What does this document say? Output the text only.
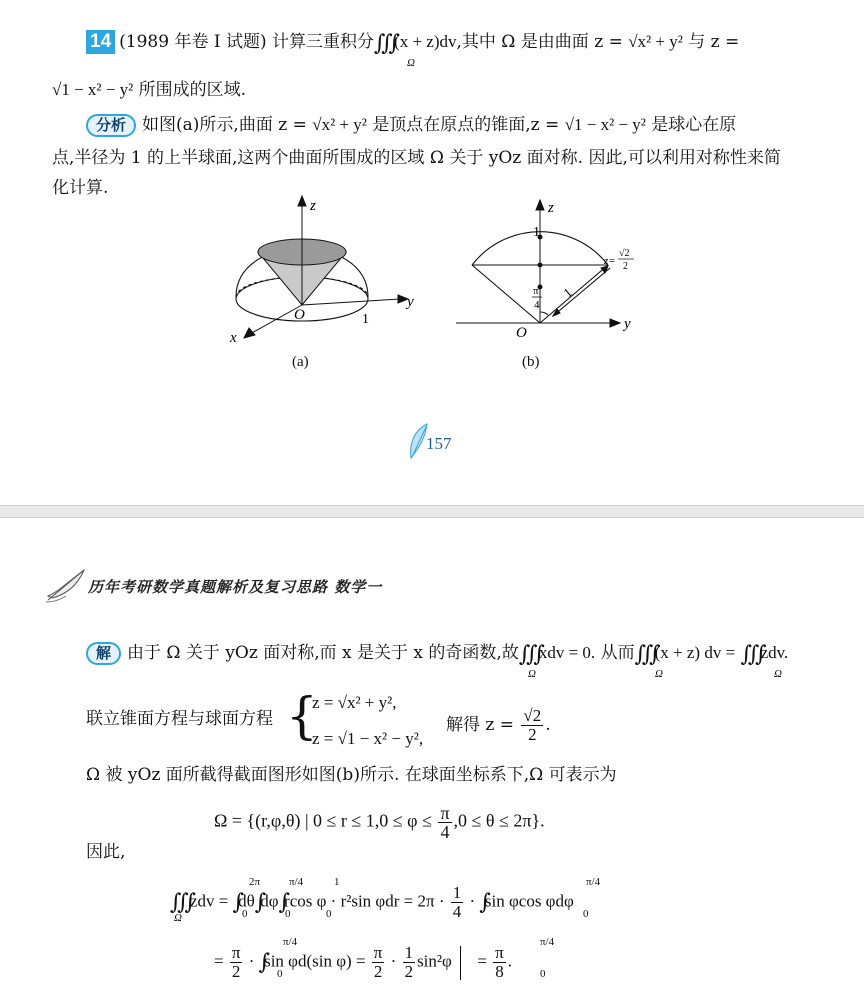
14 (1989 年卷 Ⅰ 试题) 计算三重积分∭(x + z)dv,其中 Ω 是由曲面 z = √x² + y² 与 z =
Ω
√1 − x² − y² 所围成的区域.
分析 如图(a)所示,曲面 z = √x² + y² 是顶点在原点的锥面,z = √1 − x² − y² 是球心在原
点,半径为 1 的上半球面,这两个曲面所围成的区域 Ω 关于 yOz 面对称. 因此,可以利用对称性来简
化计算.
z
y
x
O	1
(a)
z
y
O
1
π
4
1
z=
√2
2
(b)
157
历年考研数学真题解析及复习思路 数学一
解 由于 Ω 关于 yOz 面对称,而 x 是关于 x 的奇函数,故∭xdv = 0. 从而∭(x + z) dv = ∭zdv.
Ω	Ω	Ω
联立锥面方程与球面方程 {
z = √x² + y²,
z = √1 − x² − y²,
解得 $z = \frac{√2}{2}$ .
Ω 被 yOz 面所截得截面图形如图(b)所示. 在球面坐标系下,Ω 可表示为
Ω = {(r,φ,θ) | $0 \le r \le 1,0 \le \varphi \le \frac{\pi}{4} ,0 \le \theta \le 2\pi$}.
因此,
∭zdv = ∫dθ∫dφ∫rcos φ · r²sin $\varphi dr = 2\pi \cdot \frac{1}{4} \cdot \int\sin$ φcos φdφ
Ω
2π
0
π/4
0
1
0
π/4
0
= $\frac{\pi}{2} \cdot \int\sin$ φd(sin $\varphi) = \frac{\pi}{2} \cdot \frac{1}{2} \sin^2\varphi = \frac{\pi}{8}$ .
π/4
0
π/4
0
